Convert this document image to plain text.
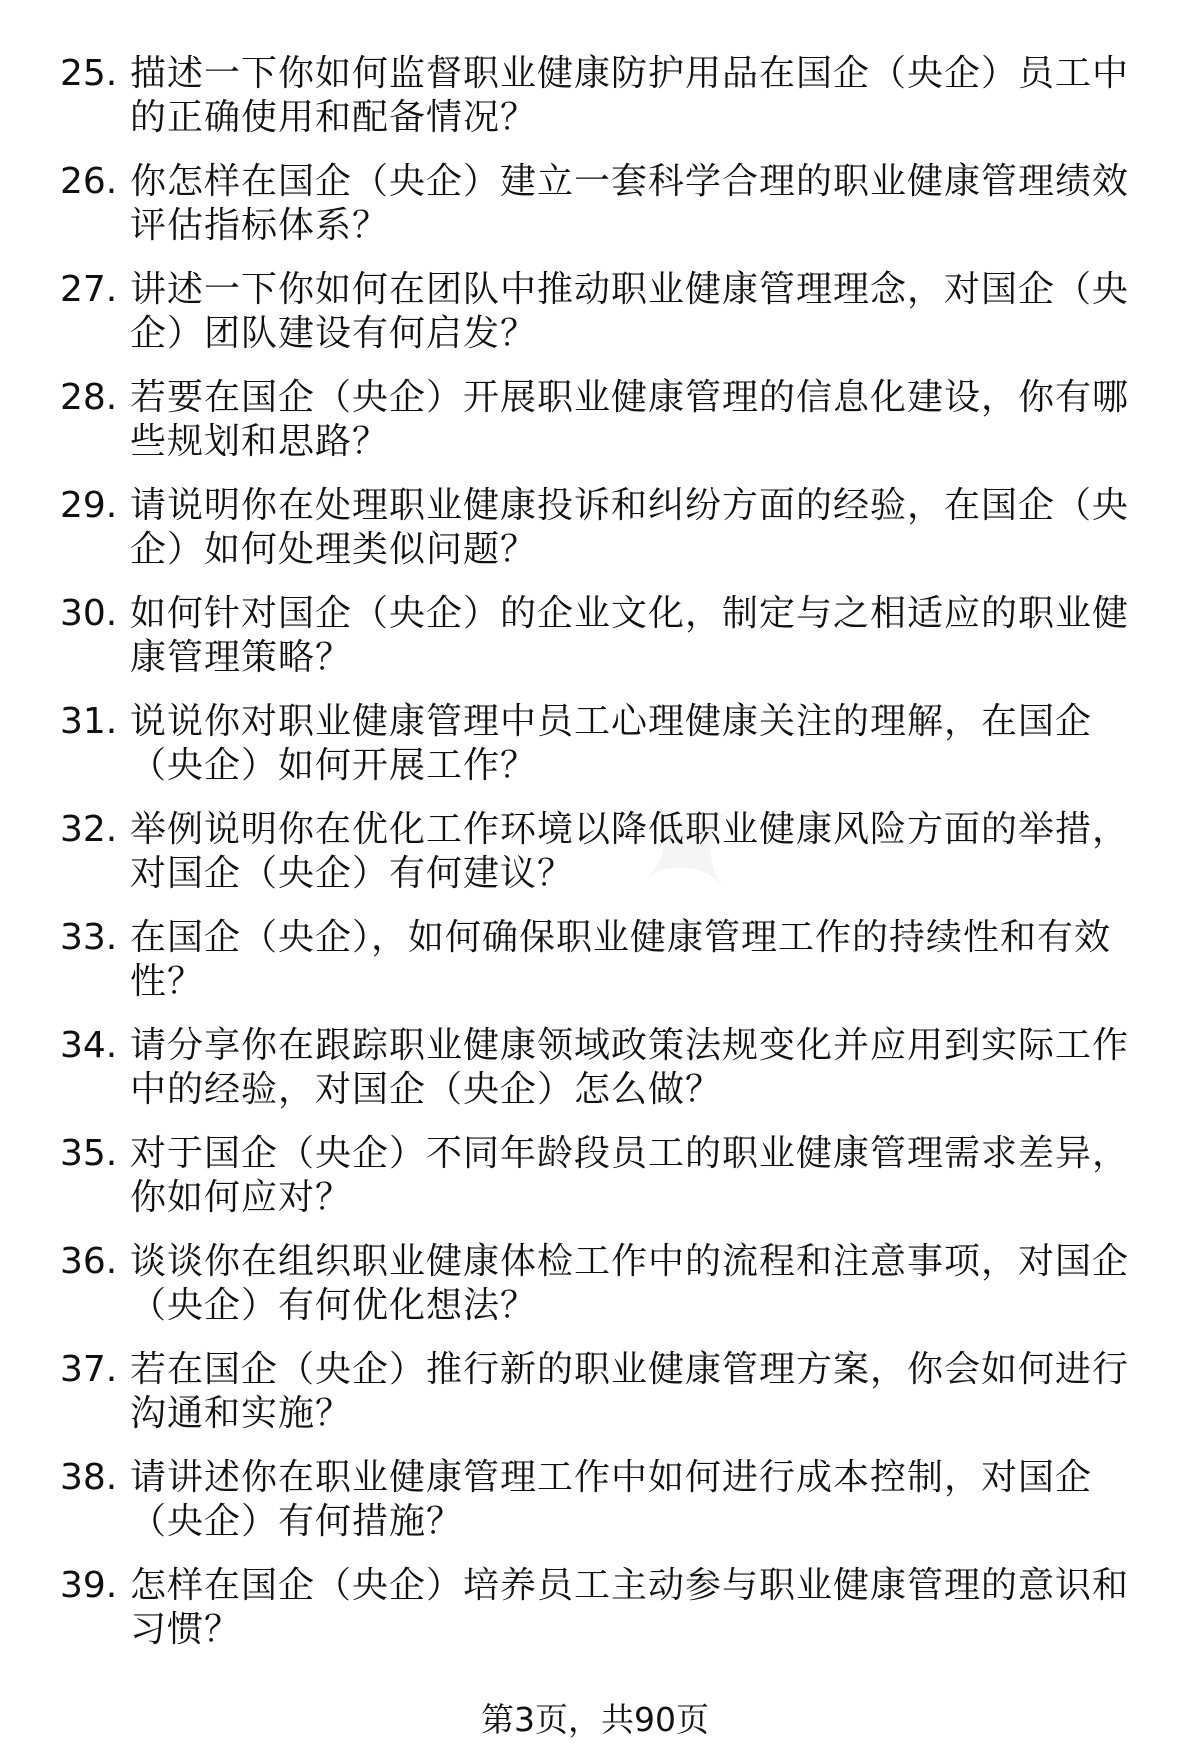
25. 描述一下你如何监督职业健康防护用品在国企（央企）员工中的正确使用和配备情况？
26. 你怎样在国企（央企）建立一套科学合理的职业健康管理绩效评估指标体系？
27. 讲述一下你如何在团队中推动职业健康管理理念，对国企（央企）团队建设有何启发？
28. 若要在国企（央企）开展职业健康管理的信息化建设，你有哪些规划和思路？
29. 请说明你在处理职业健康投诉和纠纷方面的经验，在国企（央企）如何处理类似问题？
30. 如何针对国企（央企）的企业文化，制定与之相适应的职业健康管理策略？
31. 说说你对职业健康管理中员工心理健康关注的理解，在国企（央企）如何开展工作？
32. 举例说明你在优化工作环境以降低职业健康风险方面的举措，对国企（央企）有何建议？
33. 在国企（央企），如何确保职业健康管理工作的持续性和有效性？
34. 请分享你在跟踪职业健康领域政策法规变化并应用到实际工作中的经验，对国企（央企）怎么做？
35. 对于国企（央企）不同年龄段员工的职业健康管理需求差异，你如何应对？
36. 谈谈你在组织职业健康体检工作中的流程和注意事项，对国企（央企）有何优化想法？
37. 若在国企（央企）推行新的职业健康管理方案，你会如何进行沟通和实施？
38. 请讲述你在职业健康管理工作中如何进行成本控制，对国企（央企）有何措施？
39. 怎样在国企（央企）培养员工主动参与职业健康管理的意识和习惯？
第3页，共90页
